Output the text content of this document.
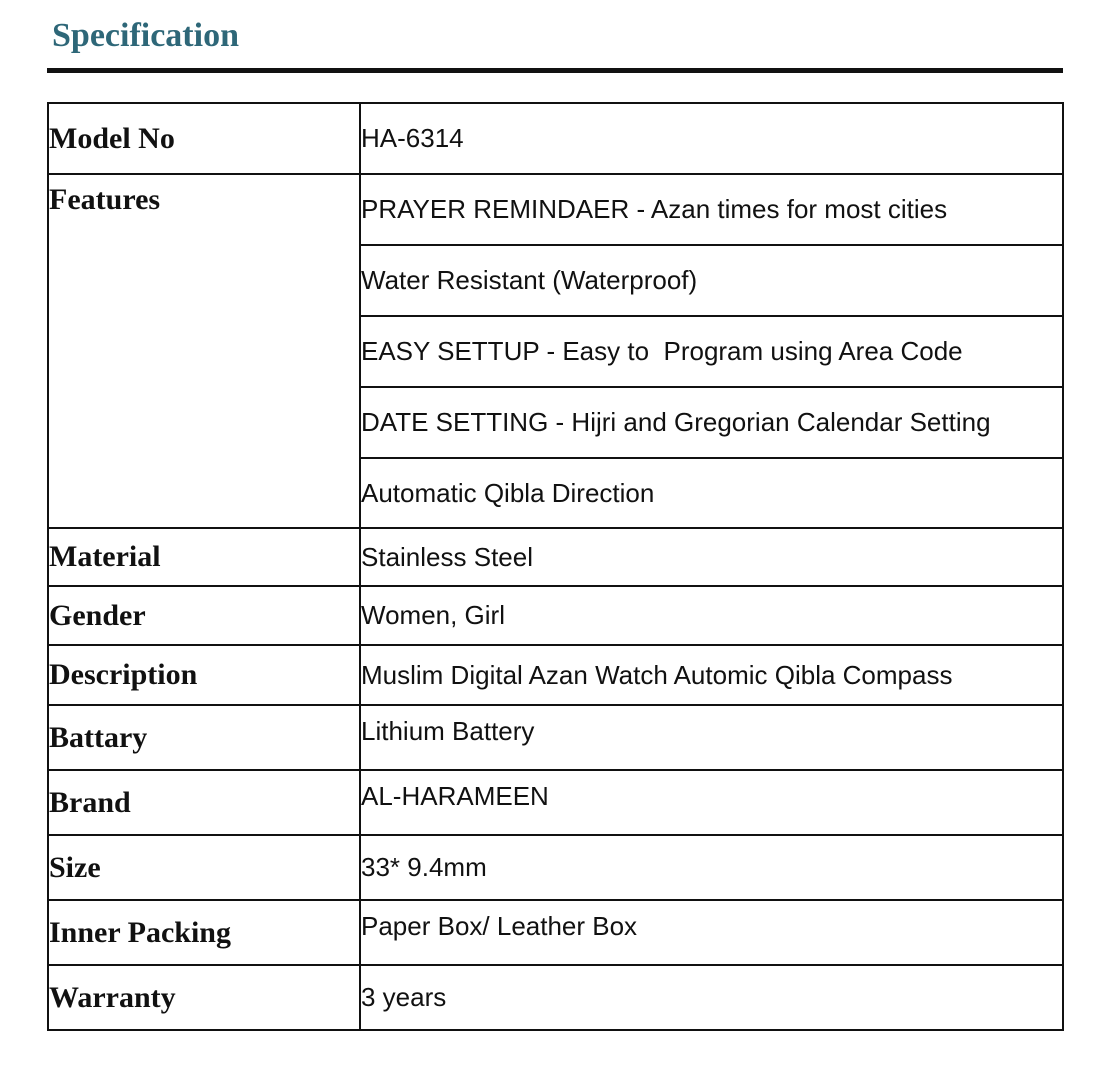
Specification
Model No	HA-6314
Features	PRAYER REMINDAER - Azan times for most cities
	Water Resistant (Waterproof)
	EASY SETTUP - Easy to  Program using Area Code
	DATE SETTING - Hijri and Gregorian Calendar Setting
	Automatic Qibla Direction
Material	Stainless Steel
Gender	Women, Girl
Description	Muslim Digital Azan Watch Automic Qibla Compass
Battary	Lithium Battery
Brand	AL-HARAMEEN
Size	33* 9.4mm
Inner Packing	Paper Box/ Leather Box
Warranty	3 years
